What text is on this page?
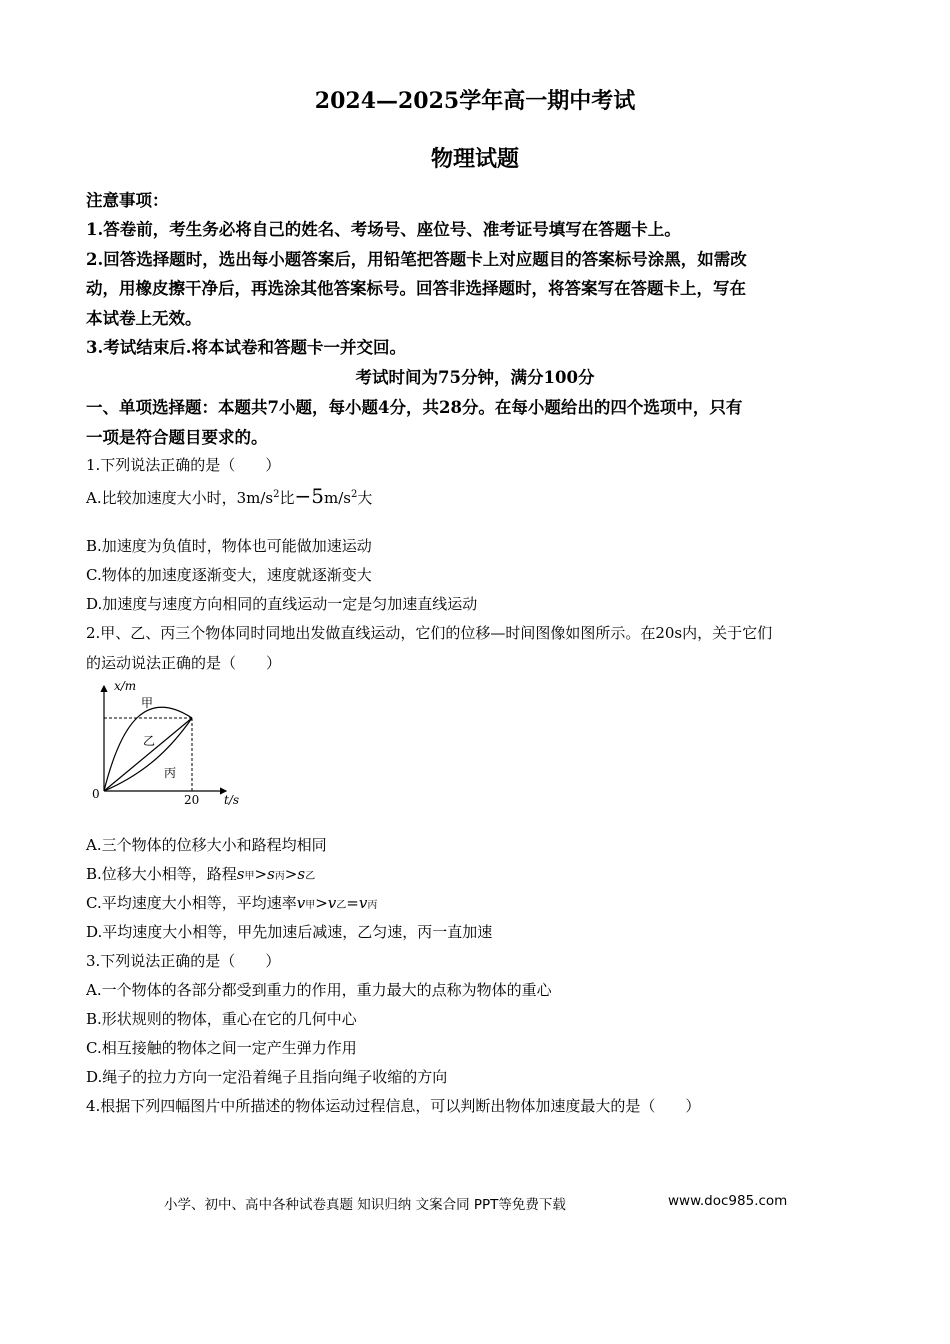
2024—2025学年高一期中考试
物理试题
注意事项：
1.答卷前，考生务必将自己的姓名、考场号、座位号、准考证号填写在答题卡上。
2.回答选择题时，选出每小题答案后，用铅笔把答题卡上对应题目的答案标号涂黑，如需改
动，用橡皮擦干净后，再选涂其他答案标号。回答非选择题时，将答案写在答题卡上，写在
本试卷上无效。
3.考试结束后.将本试卷和答题卡一并交回。
考试时间为75分钟，满分100分
一、单项选择题：本题共7小题，每小题4分，共28分。在每小题给出的四个选项中，只有
一项是符合题目要求的。
1.下列说法正确的是（　　）
A.比较加速度大小时，$3m/s^2$比$-5m/s^2$大
B.加速度为负值时，物体也可能做加速运动
C.物体的加速度逐渐变大，速度就逐渐变大
D.加速度与速度方向相同的直线运动一定是匀加速直线运动
2.甲、乙、丙三个物体同时同地出发做直线运动，它们的位移—时间图像如图所示。在20s内，关于它们
的运动说法正确的是（　　）
x/m
t/s
0	20
甲
乙
丙
A.三个物体的位移大小和路程均相同
B.位移大小相等，路程s甲>s丙>s乙
C.平均速度大小相等，平均速率v甲>v乙=v丙
D.平均速度大小相等，甲先加速后减速，乙匀速，丙一直加速
3.下列说法正确的是（　　）
A.一个物体的各部分都受到重力的作用，重力最大的点称为物体的重心
B.形状规则的物体，重心在它的几何中心
C.相互接触的物体之间一定产生弹力作用
D.绳子的拉力方向一定沿着绳子且指向绳子收缩的方向
4.根据下列四幅图片中所描述的物体运动过程信息，可以判断出物体加速度最大的是（　　）
小学、初中、高中各种试卷真题 知识归纳 文案合同 PPT等免费下载	www.doc985.com
